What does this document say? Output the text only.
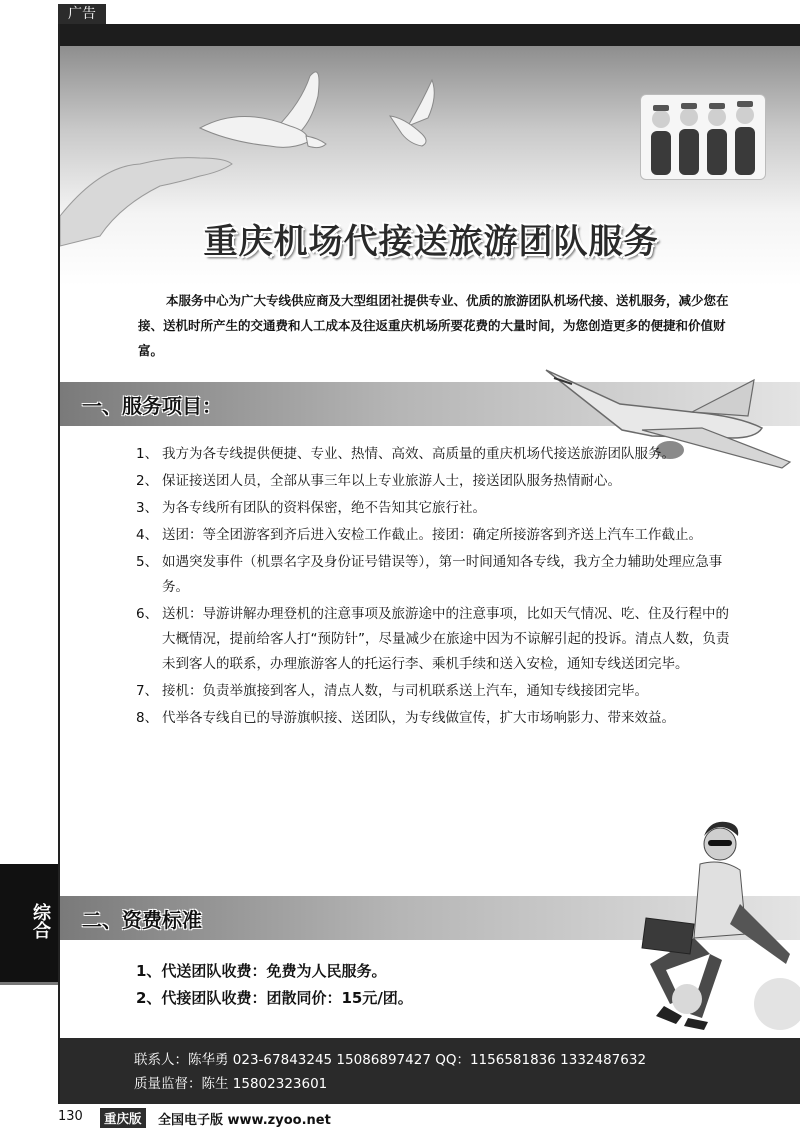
广告
重庆机场代接送旅游团队服务

本服务中心为广大专线供应商及大型组团社提供专业、优质的旅游团队机场代接、送机服务，减少您在接、送机时所产生的交通费和人工成本及往返重庆机场所要花费的大量时间，为您创造更多的便捷和价值财富。

一、服务项目：
1、 我方为各专线提供便捷、专业、热情、高效、高质量的重庆机场代接送旅游团队服务。
2、 保证接送团人员，全部从事三年以上专业旅游人士，接送团队服务热情耐心。
3、 为各专线所有团队的资料保密，绝不告知其它旅行社。
4、 送团：等全团游客到齐后进入安检工作截止。接团：确定所接游客到齐送上汽车工作截止。
5、 如遇突发事件（机票名字及身份证号错误等），第一时间通知各专线，我方全力辅助处理应急事务。
6、 送机：导游讲解办理登机的注意事项及旅游途中的注意事项，比如天气情况、吃、住及行程中的大概情况，提前给客人打“预防针”，尽量减少在旅途中因为不谅解引起的投诉。清点人数，负责未到客人的联系，办理旅游客人的托运行李、乘机手续和送入安检，通知专线送团完毕。
7、 接机：负责举旗接到客人，清点人数，与司机联系送上汽车，通知专线接团完毕。
8、 代举各专线自已的导游旗帜接、送团队，为专线做宣传，扩大市场响影力、带来效益。
二、资费标准
1、代送团队收费：免费为人民服务。
2、代接团队收费：团散同价：15元/团。
联系人：陈华勇 023-67843245 15086897427 QQ：1156581836 1332487632
质量监督：陈生 15802323601
综合
130	重庆版	全国电子版 www.zyoo.net
